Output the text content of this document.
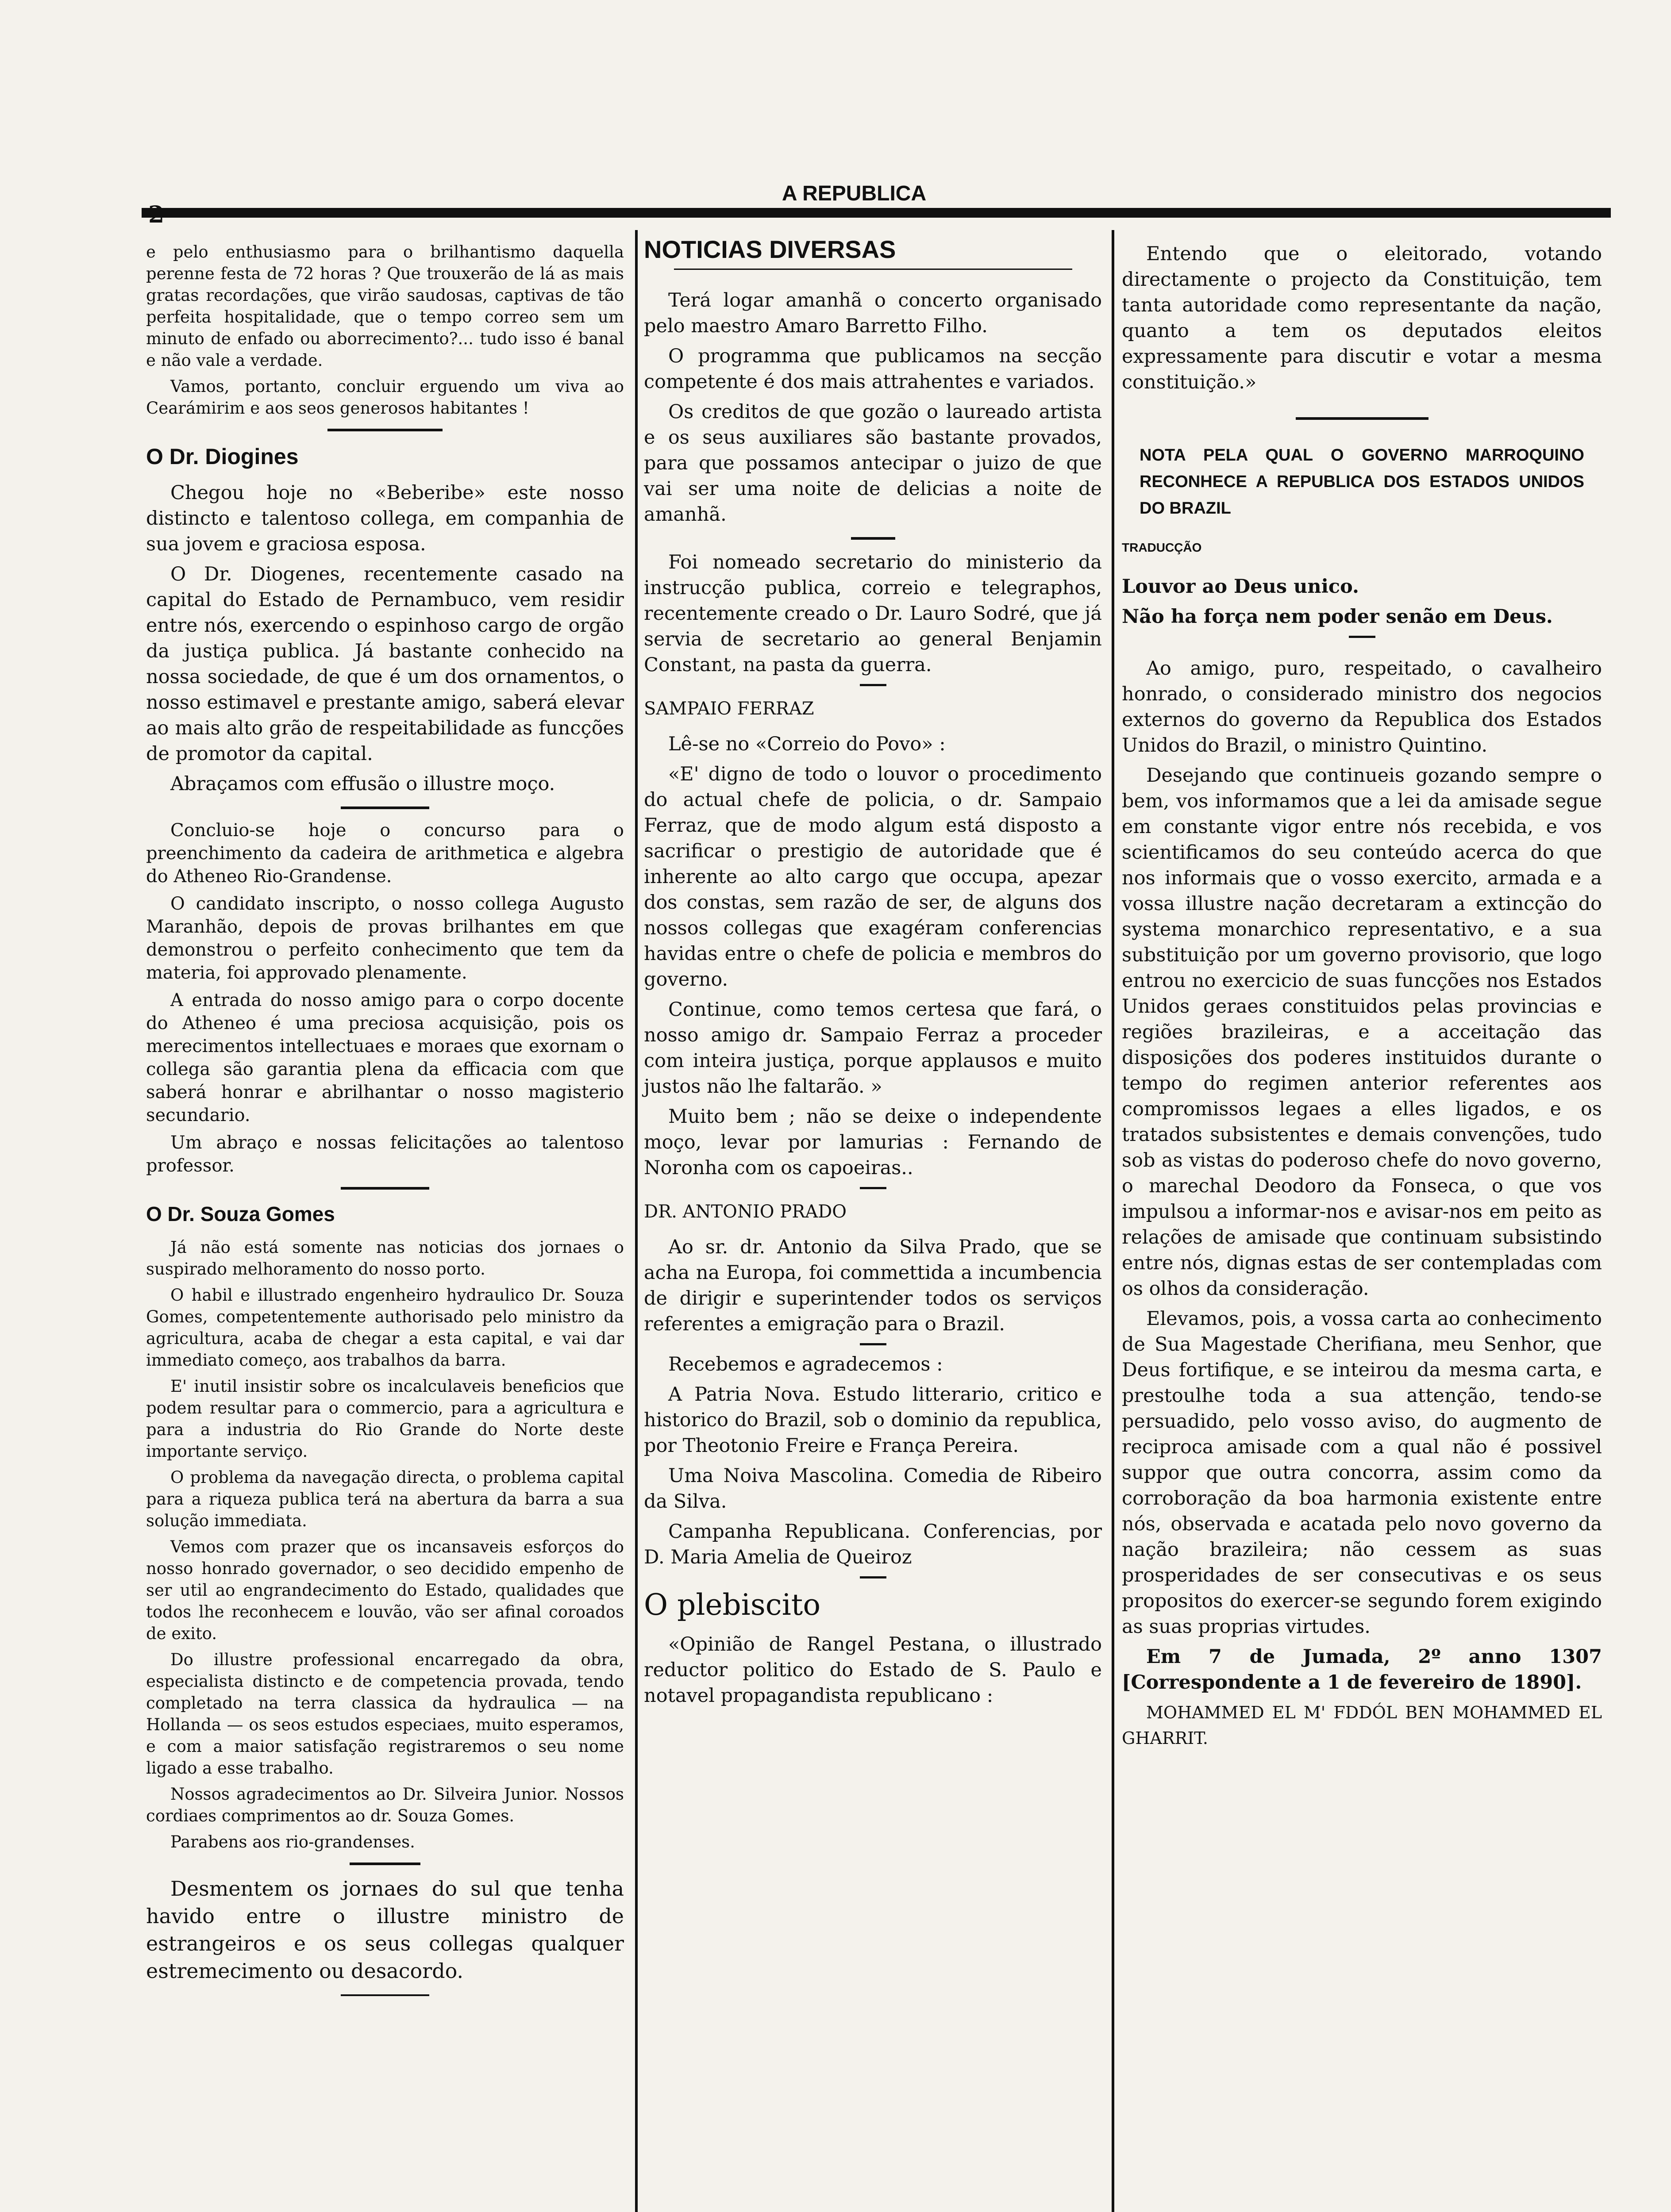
A REPUBLICA

e pelo enthusiasmo para o brilhantismo daquella perenne festa de 72 horas ? Que trouxerão de lá as mais gratas recordações, que virão saudosas, captivas de tão perfeita hospitalidade, que o tempo correo sem um minuto de enfado ou aborrecimento?... tudo isso é banal e não vale a verdade.

Vamos, portanto, concluir erguendo um viva ao Cearámirim e aos seos generosos habitantes !

O Dr. Diogines

Chegou hoje no «Beberibe» este nosso distincto e talentoso collega, em companhia de sua jovem e graciosa esposa.

O Dr. Diogenes, recentemente casado na capital do Estado de Pernambuco, vem residir entre nós, exercendo o espinhoso cargo de orgão da justiça publica. Já bastante conhecido na nossa sociedade, de que é um dos ornamentos, o nosso estimavel e prestante amigo, saberá elevar ao mais alto grão de respeitabilidade as funcções de promotor da capital.

Abraçamos com effusão o illustre moço.

Concluio-se hoje o concurso para o preenchimento da cadeira de arithmetica e algebra do Atheneo Rio-Grandense.

O candidato inscripto, o nosso collega Augusto Maranhão, depois de provas brilhantes em que demonstrou o perfeito conhecimento que tem da materia, foi approvado plenamente.

A entrada do nosso amigo para o corpo docente do Atheneo é uma preciosa acquisição, pois os merecimentos intellectuaes e moraes que exornam o collega são garantia plena da efficacia com que saberá honrar e abrilhantar o nosso magisterio secundario.

Um abraço e nossas felicitações ao talentoso professor.

O Dr. Souza Gomes

Já não está somente nas noticias dos jornaes o suspirado melhoramento do nosso porto.

O habil e illustrado engenheiro hydraulico Dr. Souza Gomes, competentemente authorisado pelo ministro da agricultura, acaba de chegar a esta capital, e vai dar immediato começo, aos trabalhos da barra.

E' inutil insistir sobre os incalculaveis beneficios que podem resultar para o commercio, para a agricultura e para a industria do Rio Grande do Norte deste importante serviço.

O problema da navegação directa, o problema capital para a riqueza publica terá na abertura da barra a sua solução immediata.

Vemos com prazer que os incansaveis esforços do nosso honrado governador, o seo decidido empenho de ser util ao engrandecimento do Estado, qualidades que todos lhe reconhecem e louvão, vão ser afinal coroados de exito.

Do illustre professional encarregado da obra, especialista distincto e de competencia provada, tendo completado na terra classica da hydraulica — na Hollanda — os seos estudos especiaes, muito esperamos, e com a maior satisfação registraremos o seu nome ligado a esse trabalho.

Nossos agradecimentos ao Dr. Silveira Junior. Nossos cordiaes comprimentos ao dr. Souza Gomes.

Parabens aos rio-grandenses.

Desmentem os jornaes do sul que tenha havido entre o illustre ministro de estrangeiros e os seus collegas qualquer estremecimento ou desacordo.

NOTICIAS DIVERSAS

Terá logar amanhã o concerto organisado pelo maestro Amaro Barretto Filho.

O programma que publicamos na secção competente é dos mais attrahentes e variados.

Os creditos de que gozão o laureado artista e os seus auxiliares são bastante provados, para que possamos antecipar o juizo de que vai ser uma noite de delicias a noite de amanhã.

Foi nomeado secretario do ministerio da instrucção publica, correio e telegraphos, recentemente creado o Dr. Lauro Sodré, que já servia de secretario ao general Benjamin Constant, na pasta da guerra.

SAMPAIO FERRAZ

Lê-se no «Correio do Povo» :

«E' digno de todo o louvor o procedimento do actual chefe de policia, o dr. Sampaio Ferraz, que de modo algum está disposto a sacrificar o prestigio de autoridade que é inherente ao alto cargo que occupa, apezar dos constas, sem razão de ser, de alguns dos nossos collegas que exagéram conferencias havidas entre o chefe de policia e membros do governo.

Continue, como temos certesa que fará, o nosso amigo dr. Sampaio Ferraz a proceder com inteira justiça, porque applausos e muito justos não lhe faltarão. »

Muito bem ; não se deixe o independente moço, levar por lamurias : Fernando de Noronha com os capoeiras..

DR. ANTONIO PRADO

Ao sr. dr. Antonio da Silva Prado, que se acha na Europa, foi commettida a incumbencia de dirigir e superintender todos os serviços referentes a emigração para o Brazil.

Recebemos e agradecemos :

A Patria Nova. Estudo litterario, critico e historico do Brazil, sob o dominio da republica, por Theotonio Freire e França Pereira.

Uma Noiva Mascolina. Comedia de Ribeiro da Silva.

Campanha Republicana. Conferencias, por D. Maria Amelia de Queiroz

O plebiscito

«Opinião de Rangel Pestana, o illustrado reductor politico do Estado de S. Paulo e notavel propagandista republicano :

Entendo que o eleitorado, votando directamente o projecto da Constituição, tem tanta autoridade como representante da nação, quanto a tem os deputados eleitos expressamente para discutir e votar a mesma constituição.»

NOTA PELA QUAL O GOVERNO MARROQUINO RECONHECE A REPUBLICA DOS ESTADOS UNIDOS DO BRAZIL

TRADUCÇÃO

Louvor ao Deus unico.

Não ha força nem poder senão em Deus.

Ao amigo, puro, respeitado, o cavalheiro honrado, o considerado ministro dos negocios externos do governo da Republica dos Estados Unidos do Brazil, o ministro Quintino.

Desejando que continueis gozando sempre o bem, vos informamos que a lei da amisade segue em constante vigor entre nós recebida, e vos scientificamos do seu conteúdo acerca do que nos informais que o vosso exercito, armada e a vossa illustre nação decretaram a extincção do systema monarchico representativo, e a sua substituição por um governo provisorio, que logo entrou no exercicio de suas funcções nos Estados Unidos geraes constituidos pelas provincias e regiões brazileiras, e a acceitação das disposições dos poderes instituidos durante o tempo do regimen anterior referentes aos compromissos legaes a elles ligados, e os tratados subsistentes e demais convenções, tudo sob as vistas do poderoso chefe do novo governo, o marechal Deodoro da Fonseca, o que vos impulsou a informar-nos e avisar-nos em peito as relações de amisade que continuam subsistindo entre nós, dignas estas de ser contempladas com os olhos da consideração.

Elevamos, pois, a vossa carta ao conhecimento de Sua Magestade Cherifiana, meu Senhor, que Deus fortifique, e se inteirou da mesma carta, e prestoulhe toda a sua attenção, tendo-se persuadido, pelo vosso aviso, do augmento de reciproca amisade com a qual não é possivel suppor que outra concorra, assim como da corroboração da boa harmonia existente entre nós, observada e acatada pelo novo governo da nação brazileira; não cessem as suas prosperidades de ser consecutivas e os seus propositos do exercer-se segundo forem exigindo as suas proprias virtudes.

Em 7 de Jumada, 2º anno 1307 [Correspondente a 1 de fevereiro de 1890].

MOHAMMED EL M' FDDÓL BEN MOHAMMED EL GHARRIT.
